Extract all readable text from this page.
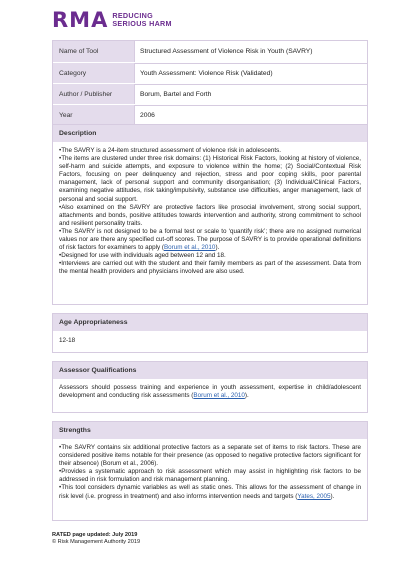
RMA REDUCING
SERIOUS HARM
Name of Tool	Structured Assessment of Violence Risk in Youth (SAVRY)
Category	Youth Assessment: Violence Risk (Validated)
Author / Publisher	Borum, Bartel and Forth
Year	2006
Description

•The SAVRY is a 24-item structured assessment of violence risk in adolescents.

•The items are clustered under three risk domains: (1) Historical Risk Factors, looking at history of violence, self-harm and suicide attempts, and exposure to violence within the home; (2) Social/Contextual Risk Factors, focusing on peer delinquency and rejection, stress and poor coping skills, poor parental management, lack of personal support and community disorganisation; (3) Individual/Clinical Factors, examining negative attitudes, risk taking/impulsivity, substance use difficulties, anger management, lack of personal and social support.

•Also examined on the SAVRY are protective factors like prosocial involvement, strong social support, attachments and bonds, positive attitudes towards intervention and authority, strong commitment to school and resilient personality traits.

•The SAVRY is not designed to be a formal test or scale to ‘quantify risk’; there are no assigned numerical values nor are there any specified cut-off scores. The purpose of SAVRY is to provide operational definitions of risk factors for examiners to apply (Borum et al., 2010).

•Designed for use with individuals aged between 12 and 18.

•Interviews are carried out with the student and their family members as part of the assessment. Data from the mental health providers and physicians involved are also used.

Age Appropriateness
12-18
Assessor Qualifications

Assessors should possess training and experience in youth assessment, expertise in child/adolescent development and conducting risk assessments (Borum et al., 2010).

Strengths

•The SAVRY contains six additional protective factors as a separate set of items to risk factors. These are considered positive items notable for their presence (as opposed to negative protective factors significant for their absence) (Borum et al., 2006).

•Provides a systematic approach to risk assessment which may assist in highlighting risk factors to be addressed in risk formulation and risk management planning.

•This tool considers dynamic variables as well as static ones. This allows for the assessment of change in risk level (i.e. progress in treatment) and also informs intervention needs and targets (Yates, 2005).

RATED page updated: July 2019
© Risk Management Authority 2019
